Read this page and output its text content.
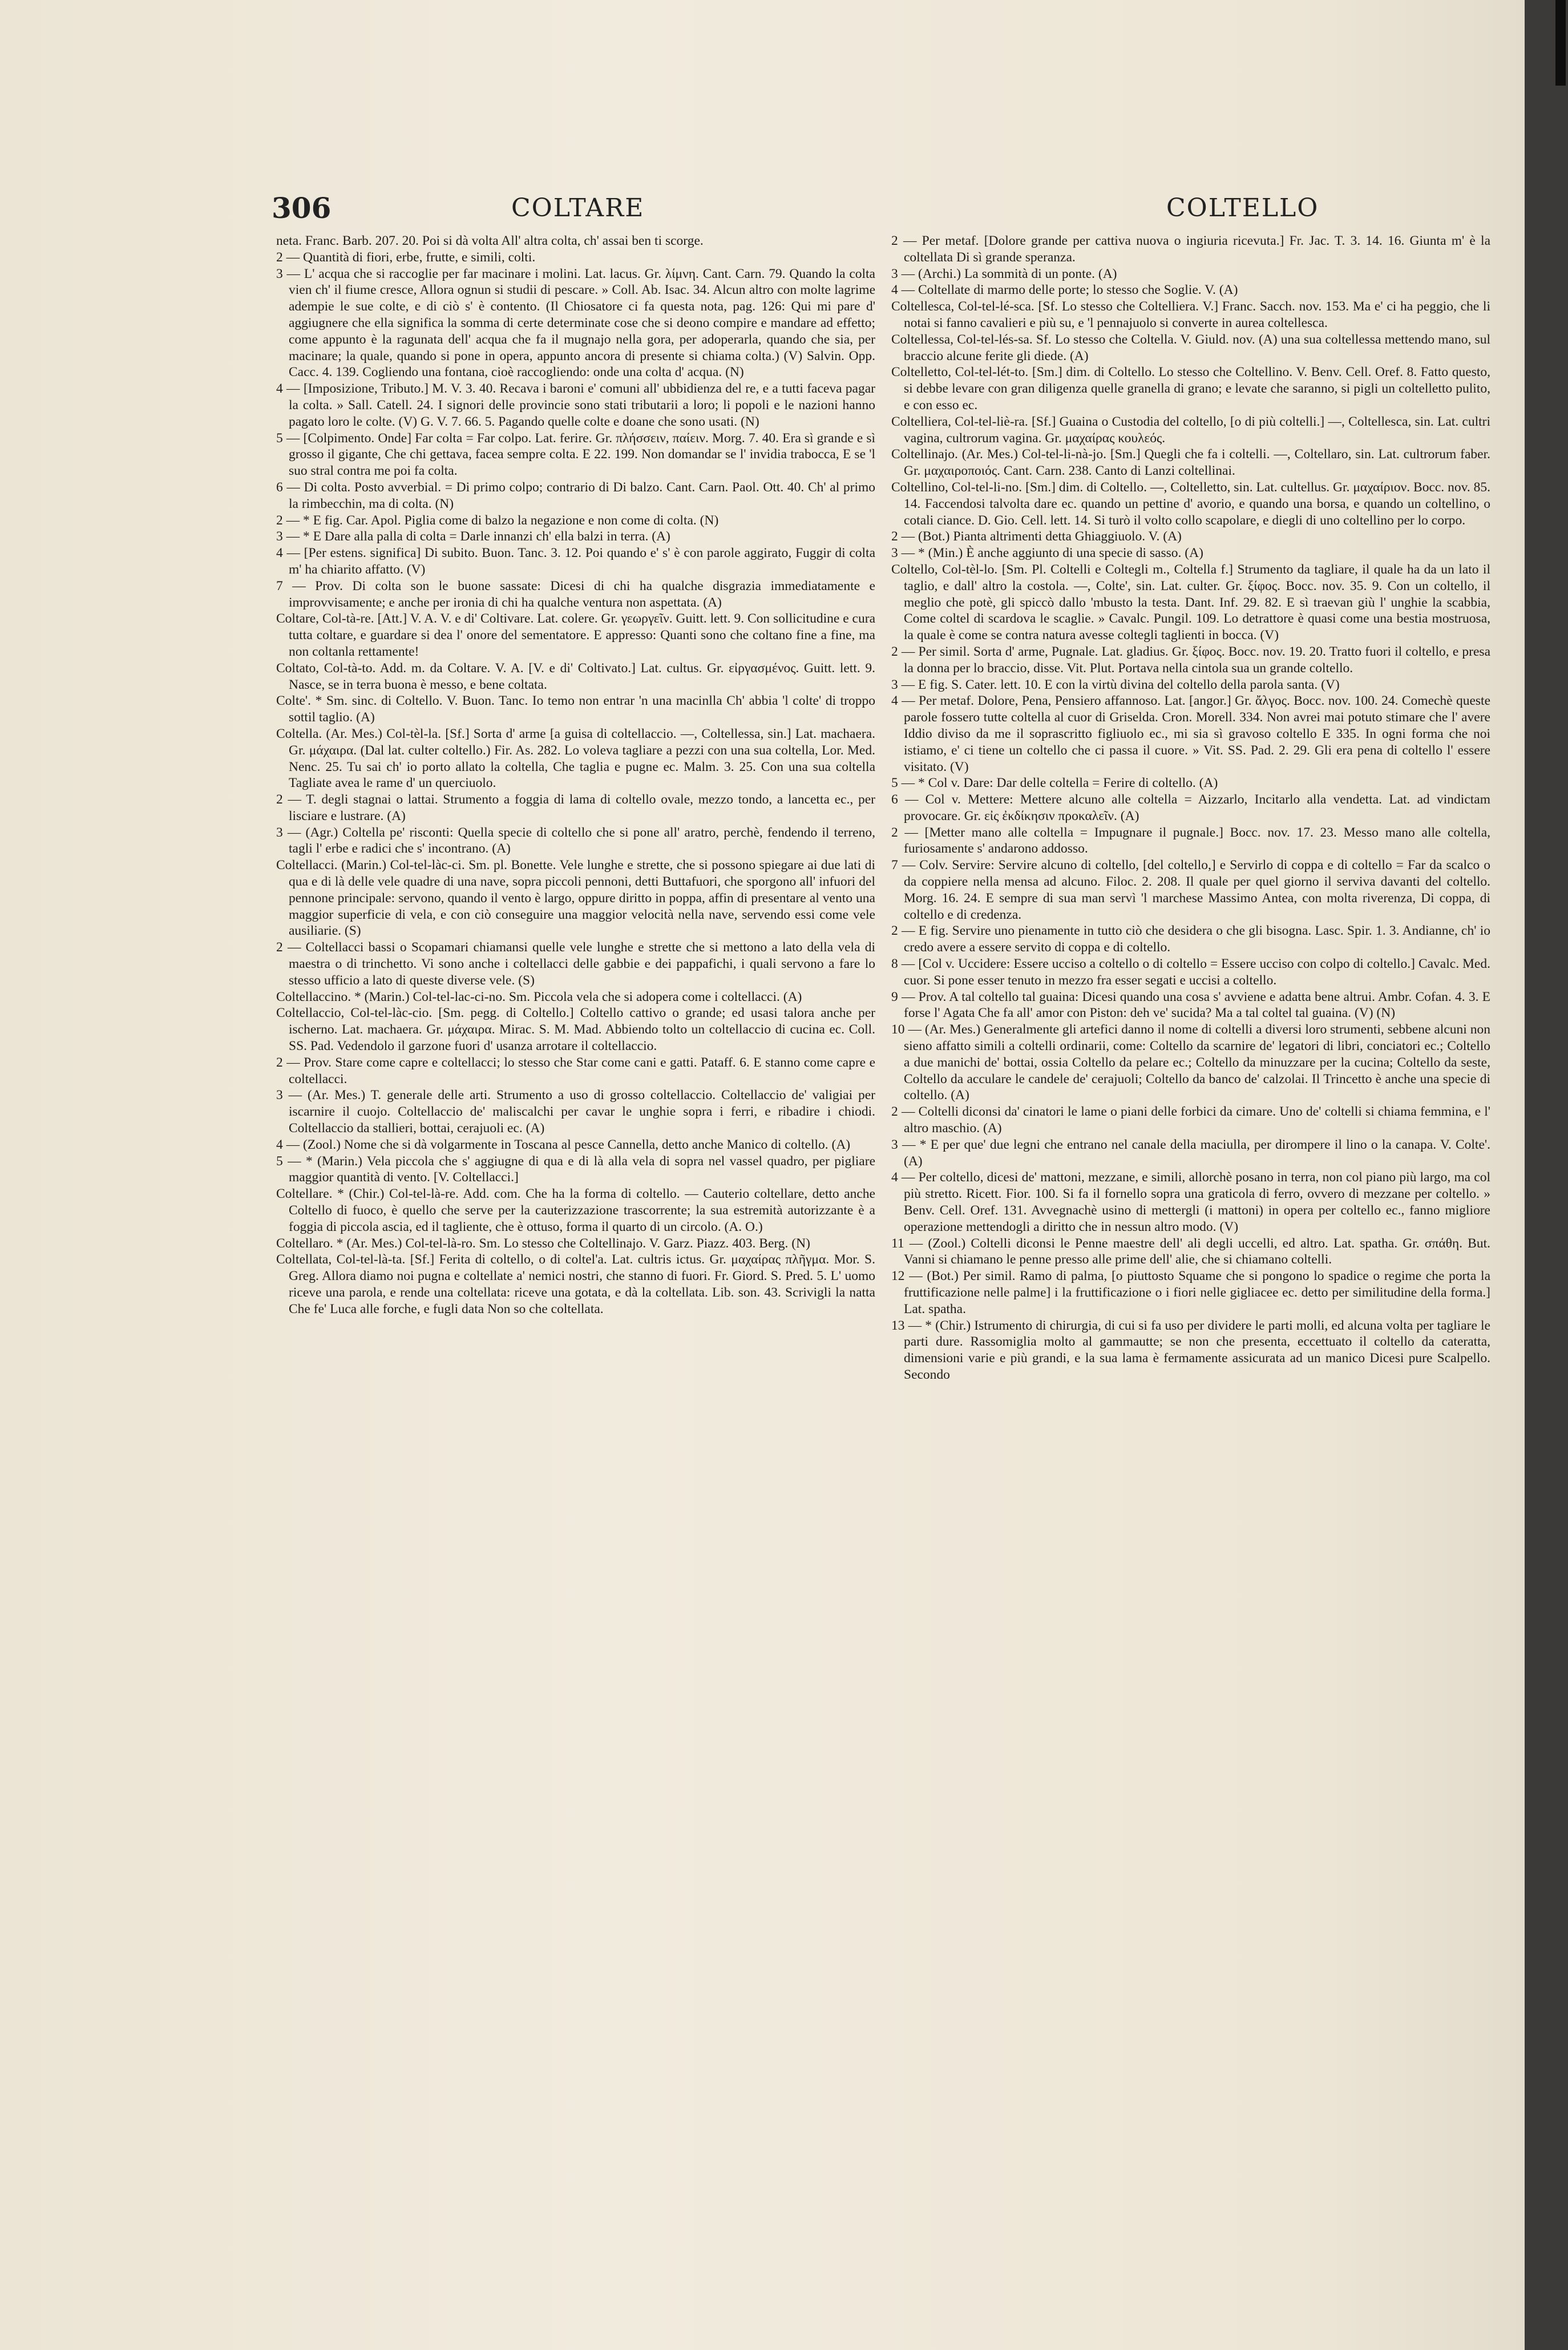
306	COLTARE	COLTELLO

neta. Franc. Barb. 207. 20. Poi si dà volta All' altra colta, ch' assai ben ti scorge.

2 — Quantità di fiori, erbe, frutte, e simili, colti.

3 — L' acqua che si raccoglie per far macinare i molini. Lat. lacus. Gr. λίμνη. Cant. Carn. 79. Quando la colta vien ch' il fiume cresce, Allora ognun si studii di pescare. » Coll. Ab. Isac. 34. Alcun altro con molte lagrime adempie le sue colte, e di ciò s' è contento. (Il Chiosatore ci fa questa nota, pag. 126: Qui mi pare d' aggiugnere che ella significa la somma di certe determinate cose che si deono compire e mandare ad effetto; come appunto è la ragunata dell' acqua che fa il mugnajo nella gora, per adoperarla, quando che sia, per macinare; la quale, quando si pone in opera, appunto ancora di presente si chiama colta.) (V) Salvin. Opp. Cacc. 4. 139. Cogliendo una fontana, cioè raccogliendo: onde una colta d' acqua. (N)

4 — [Imposizione, Tributo.] M. V. 3. 40. Recava i baroni e' comuni all' ubbidienza del re, e a tutti faceva pagar la colta. » Sall. Catell. 24. I signori delle provincie sono stati tributarii a loro; li popoli e le nazioni hanno pagato loro le colte. (V) G. V. 7. 66. 5. Pagando quelle colte e doane che sono usati. (N)

5 — [Colpimento. Onde] Far colta = Far colpo. Lat. ferire. Gr. πλήσσειν, παίειν. Morg. 7. 40. Era sì grande e sì grosso il gigante, Che chi gettava, facea sempre colta. E 22. 199. Non domandar se l' invidia trabocca, E se 'l suo stral contra me poi fa colta.

6 — Di colta. Posto avverbial. = Di primo colpo; contrario di Di balzo. Cant. Carn. Paol. Ott. 40. Ch' al primo la rimbecchin, ma di colta. (N)

2 — * E fig. Car. Apol. Piglia come di balzo la negazione e non come di colta. (N)

3 — * E Dare alla palla di colta = Darle innanzi ch' ella balzi in terra. (A)

4 — [Per estens. significa] Di subito. Buon. Tanc. 3. 12. Poi quando e' s' è con parole aggirato, Fuggir di colta m' ha chiarito affatto. (V)

7 — Prov. Di colta son le buone sassate: Dicesi di chi ha qualche disgrazia immediatamente e improvvisamente; e anche per ironia di chi ha qualche ventura non aspettata. (A)

Coltare, Col-tà-re. [Att.] V. A. V. e di' Coltivare. Lat. colere. Gr. γεωργεῖν. Guitt. lett. 9. Con sollicitudine e cura tutta coltare, e guardare si dea l' onore del sementatore. E appresso: Quanti sono che coltano fine a fine, ma non coltanla rettamente!

Coltato, Col-tà-to. Add. m. da Coltare. V. A. [V. e di' Coltivato.] Lat. cultus. Gr. εἰργασμένος. Guitt. lett. 9. Nasce, se in terra buona è messo, e bene coltata.

Colte'. * Sm. sinc. di Coltello. V. Buon. Tanc. Io temo non entrar 'n una macinlla Ch' abbia 'l colte' di troppo sottil taglio. (A)

Coltella. (Ar. Mes.) Col-tèl-la. [Sf.] Sorta d' arme [a guisa di coltellaccio. —, Coltellessa, sin.] Lat. machaera. Gr. μάχαιρα. (Dal lat. culter coltello.) Fir. As. 282. Lo voleva tagliare a pezzi con una sua coltella, Lor. Med. Nenc. 25. Tu sai ch' io porto allato la coltella, Che taglia e pugne ec. Malm. 3. 25. Con una sua coltella Tagliate avea le rame d' un querciuolo.

2 — T. degli stagnai o lattai. Strumento a foggia di lama di coltello ovale, mezzo tondo, a lancetta ec., per lisciare e lustrare. (A)

3 — (Agr.) Coltella pe' risconti: Quella specie di coltello che si pone all' aratro, perchè, fendendo il terreno, tagli l' erbe e radici che s' incontrano. (A)

Coltellacci. (Marin.) Col-tel-làc-ci. Sm. pl. Bonette. Vele lunghe e strette, che si possono spiegare ai due lati di qua e di là delle vele quadre di una nave, sopra piccoli pennoni, detti Buttafuori, che sporgono all' infuori del pennone principale: servono, quando il vento è largo, oppure diritto in poppa, affin di presentare al vento una maggior superficie di vela, e con ciò conseguire una maggior velocità nella nave, servendo essi come vele ausiliarie. (S)

2 — Coltellacci bassi o Scopamari chiamansi quelle vele lunghe e strette che si mettono a lato della vela di maestra o di trinchetto. Vi sono anche i coltellacci delle gabbie e dei pappafichi, i quali servono a fare lo stesso ufficio a lato di queste diverse vele. (S)

Coltellaccino. * (Marin.) Col-tel-lac-ci-no. Sm. Piccola vela che si adopera come i coltellacci. (A)

Coltellaccio, Col-tel-làc-cio. [Sm. pegg. di Coltello.] Coltello cattivo o grande; ed usasi talora anche per ischerno. Lat. machaera. Gr. μάχαιρα. Mirac. S. M. Mad. Abbiendo tolto un coltellaccio di cucina ec. Coll. SS. Pad. Vedendolo il garzone fuori d' usanza arrotare il coltellaccio.

2 — Prov. Stare come capre e coltellacci; lo stesso che Star come cani e gatti. Pataff. 6. E stanno come capre e coltellacci.

3 — (Ar. Mes.) T. generale delle arti. Strumento a uso di grosso coltellaccio. Coltellaccio de' valigiai per iscarnire il cuojo. Coltellaccio de' maliscalchi per cavar le unghie sopra i ferri, e ribadire i chiodi. Coltellaccio da stallieri, bottai, cerajuoli ec. (A)

4 — (Zool.) Nome che si dà volgarmente in Toscana al pesce Cannella, detto anche Manico di coltello. (A)

5 — * (Marin.) Vela piccola che s' aggiugne di qua e di là alla vela di sopra nel vassel quadro, per pigliare maggior quantità di vento. [V. Coltellacci.]

Coltellare. * (Chir.) Col-tel-là-re. Add. com. Che ha la forma di coltello. — Cauterio coltellare, detto anche Coltello di fuoco, è quello che serve per la cauterizzazione trascorrente; la sua estremità autorizzante è a foggia di piccola ascia, ed il tagliente, che è ottuso, forma il quarto di un circolo. (A. O.)

Coltellaro. * (Ar. Mes.) Col-tel-là-ro. Sm. Lo stesso che Coltellinajo. V. Garz. Piazz. 403. Berg. (N)

Coltellata, Col-tel-là-ta. [Sf.] Ferita di coltello, o di coltel'a. Lat. cultris ictus. Gr. μαχαίρας πλῆγμα. Mor. S. Greg. Allora diamo noi pugna e coltellate a' nemici nostri, che stanno di fuori. Fr. Giord. S. Pred. 5. L' uomo riceve una parola, e rende una coltellata: riceve una gotata, e dà la coltellata. Lib. son. 43. Scrivigli la natta Che fe' Luca alle forche, e fugli data Non so che coltellata.

2 — Per metaf. [Dolore grande per cattiva nuova o ingiuria ricevuta.] Fr. Jac. T. 3. 14. 16. Giunta m' è la coltellata Di sì grande speranza.

3 — (Archi.) La sommità di un ponte. (A)

4 — Coltellate di marmo delle porte; lo stesso che Soglie. V. (A)

Coltellesca, Col-tel-lé-sca. [Sf. Lo stesso che Coltelliera. V.] Franc. Sacch. nov. 153. Ma e' ci ha peggio, che li notai si fanno cavalieri e più su, e 'l pennajuolo si converte in aurea coltellesca.

Coltellessa, Col-tel-lés-sa. Sf. Lo stesso che Coltella. V. Giuld. nov. (A) una sua coltellessa mettendo mano, sul braccio alcune ferite gli diede. (A)

Coltelletto, Col-tel-lét-to. [Sm.] dim. di Coltello. Lo stesso che Coltellino. V. Benv. Cell. Oref. 8. Fatto questo, si debbe levare con gran diligenza quelle granella di grano; e levate che saranno, si pigli un coltelletto pulito, e con esso ec.

Coltelliera, Col-tel-liè-ra. [Sf.] Guaina o Custodia del coltello, [o di più coltelli.] —, Coltellesca, sin. Lat. cultri vagina, cultrorum vagina. Gr. μαχαίρας κουλεός.

Coltellinajo. (Ar. Mes.) Col-tel-li-nà-jo. [Sm.] Quegli che fa i coltelli. —, Coltellaro, sin. Lat. cultrorum faber. Gr. μαχαιροποιός. Cant. Carn. 238. Canto di Lanzi coltellinai.

Coltellino, Col-tel-li-no. [Sm.] dim. di Coltello. —, Coltelletto, sin. Lat. cultellus. Gr. μαχαίριον. Bocc. nov. 85. 14. Faccendosi talvolta dare ec. quando un pettine d' avorio, e quando una borsa, e quando un coltellino, o cotali ciance. D. Gio. Cell. lett. 14. Si turò il volto collo scapolare, e diegli di uno coltellino per lo corpo.

2 — (Bot.) Pianta altrimenti detta Ghiaggiuolo. V. (A)

3 — * (Min.) È anche aggiunto di una specie di sasso. (A)

Coltello, Col-tèl-lo. [Sm. Pl. Coltelli e Coltegli m., Coltella f.] Strumento da tagliare, il quale ha da un lato il taglio, e dall' altro la costola. —, Colte', sin. Lat. culter. Gr. ξίφος. Bocc. nov. 35. 9. Con un coltello, il meglio che potè, gli spiccò dallo 'mbusto la testa. Dant. Inf. 29. 82. E sì traevan giù l' unghie la scabbia, Come coltel di scardova le scaglie. » Cavalc. Pungil. 109. Lo detrattore è quasi come una bestia mostruosa, la quale è come se contra natura avesse coltegli taglienti in bocca. (V)

2 — Per simil. Sorta d' arme, Pugnale. Lat. gladius. Gr. ξίφος. Bocc. nov. 19. 20. Tratto fuori il coltello, e presa la donna per lo braccio, disse. Vit. Plut. Portava nella cintola sua un grande coltello.

3 — E fig. S. Cater. lett. 10. E con la virtù divina del coltello della parola santa. (V)

4 — Per metaf. Dolore, Pena, Pensiero affannoso. Lat. [angor.] Gr. ἄλγος. Bocc. nov. 100. 24. Comechè queste parole fossero tutte coltella al cuor di Griselda. Cron. Morell. 334. Non avrei mai potuto stimare che l' avere Iddio diviso da me il soprascritto figliuolo ec., mi sia sì gravoso coltello E 335. In ogni forma che noi istiamo, e' ci tiene un coltello che ci passa il cuore. » Vit. SS. Pad. 2. 29. Gli era pena di coltello l' essere visitato. (V)

5 — * Col v. Dare: Dar delle coltella = Ferire di coltello. (A)

6 — Col v. Mettere: Mettere alcuno alle coltella = Aizzarlo, Incitarlo alla vendetta. Lat. ad vindictam provocare. Gr. εἰς ἐκδίκησιν προκαλεῖν. (A)

2 — [Metter mano alle coltella = Impugnare il pugnale.] Bocc. nov. 17. 23. Messo mano alle coltella, furiosamente s' andarono addosso.

7 — Colv. Servire: Servire alcuno di coltello, [del coltello,] e Servirlo di coppa e di coltello = Far da scalco o da coppiere nella mensa ad alcuno. Filoc. 2. 208. Il quale per quel giorno il serviva davanti del coltello. Morg. 16. 24. E sempre di sua man servì 'l marchese Massimo Antea, con molta riverenza, Di coppa, di coltello e di credenza.

2 — E fig. Servire uno pienamente in tutto ciò che desidera o che gli bisogna. Lasc. Spir. 1. 3. Andianne, ch' io credo avere a essere servito di coppa e di coltello.

8 — [Col v. Uccidere: Essere ucciso a coltello o di coltello = Essere ucciso con colpo di coltello.] Cavalc. Med. cuor. Si pone esser tenuto in mezzo fra esser segati e uccisi a coltello.

9 — Prov. A tal coltello tal guaina: Dicesi quando una cosa s' avviene e adatta bene altrui. Ambr. Cofan. 4. 3. E forse l' Agata Che fa all' amor con Piston: deh ve' sucida? Ma a tal coltel tal guaina. (V) (N)

10 — (Ar. Mes.) Generalmente gli artefici danno il nome di coltelli a diversi loro strumenti, sebbene alcuni non sieno affatto simili a coltelli ordinarii, come: Coltello da scarnire de' legatori di libri, conciatori ec.; Coltello a due manichi de' bottai, ossia Coltello da pelare ec.; Coltello da minuzzare per la cucina; Coltello da seste, Coltello da acculare le candele de' cerajuoli; Coltello da banco de' calzolai. Il Trincetto è anche una specie di coltello. (A)

2 — Coltelli diconsi da' cinatori le lame o piani delle forbici da cimare. Uno de' coltelli si chiama femmina, e l' altro maschio. (A)

3 — * E per que' due legni che entrano nel canale della maciulla, per dirompere il lino o la canapa. V. Colte'. (A)

4 — Per coltello, dicesi de' mattoni, mezzane, e simili, allorchè posano in terra, non col piano più largo, ma col più stretto. Ricett. Fior. 100. Si fa il fornello sopra una graticola di ferro, ovvero di mezzane per coltello. » Benv. Cell. Oref. 131. Avvegnachè usino di mettergli (i mattoni) in opera per coltello ec., fanno migliore operazione mettendogli a diritto che in nessun altro modo. (V)

11 — (Zool.) Coltelli diconsi le Penne maestre dell' ali degli uccelli, ed altro. Lat. spatha. Gr. σπάθη. But. Vanni si chiamano le penne presso alle prime dell' alie, che si chiamano coltelli.

12 — (Bot.) Per simil. Ramo di palma, [o piuttosto Squame che si pongono lo spadice o regime che porta la fruttificazione nelle palme] i la fruttificazione o i fiori nelle gigliacee ec. detto per similitudine della forma.] Lat. spatha.

13 — * (Chir.) Istrumento di chirurgia, di cui si fa uso per dividere le parti molli, ed alcuna volta per tagliare le parti dure. Rassomiglia molto al gammautte; se non che presenta, eccettuato il coltello da cateratta, dimensioni varie e più grandi, e la sua lama è fermamente assicurata ad un manico Dicesi pure Scalpello. Secondo
